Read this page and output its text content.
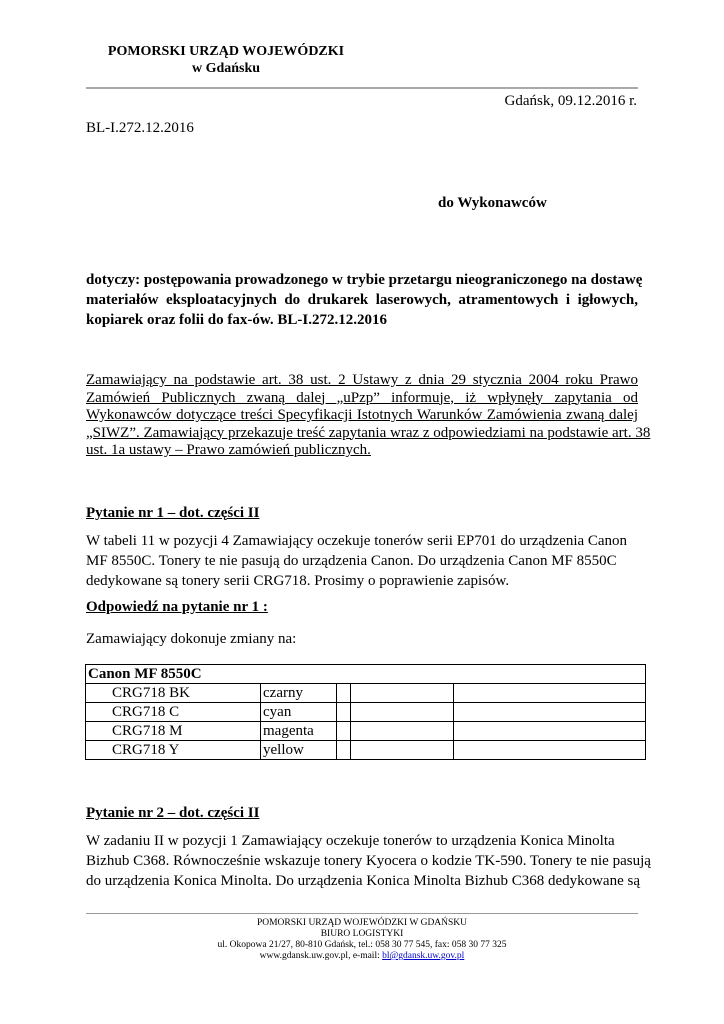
POMORSKI URZĄD WOJEWÓDZKI
w Gdańsku
Gdańsk, 09.12.2016 r.
BL-I.272.12.2016
do Wykonawców
dotyczy: postępowania prowadzonego w trybie przetargu nieograniczonego na dostawę
materiałów eksploatacyjnych do drukarek laserowych, atramentowych i igłowych,
kopiarek oraz folii do fax-ów. BL-I.272.12.2016
Zamawiający na podstawie art. 38 ust. 2 Ustawy z dnia 29 stycznia 2004 roku Prawo
Zamówień Publicznych zwaną dalej „uPzp” informuje, iż wpłynęły zapytania od
Wykonawców dotyczące treści Specyfikacji Istotnych Warunków Zamówienia zwaną dalej
„SIWZ”. Zamawiający przekazuje treść zapytania wraz z odpowiedziami na podstawie art. 38
ust. 1a ustawy – Prawo zamówień publicznych.
Pytanie nr 1 – dot. części II
W tabeli 11 w pozycji 4 Zamawiający oczekuje tonerów serii EP701 do urządzenia Canon
MF 8550C. Tonery te nie pasują do urządzenia Canon. Do urządzenia Canon MF 8550C
dedykowane są tonery serii CRG718. Prosimy o poprawienie zapisów.
Odpowiedź na pytanie nr 1 :
Zamawiający dokonuje zmiany na:
Canon MF 8550C				
CRG718 BK	czarny			
CRG718 C	cyan			
CRG718 M	magenta			
CRG718 Y	yellow			
Pytanie nr 2 – dot. części II
W zadaniu II w pozycji 1 Zamawiający oczekuje tonerów to urządzenia Konica Minolta
Bizhub C368. Równocześnie wskazuje tonery Kyocera o kodzie TK-590. Tonery te nie pasują
do urządzenia Konica Minolta. Do urządzenia Konica Minolta Bizhub C368 dedykowane są
POMORSKI URZĄD WOJEWÓDZKI W GDAŃSKU
BIURO LOGISTYKI
ul. Okopowa 21/27, 80-810 Gdańsk, tel.: 058 30 77 545, fax: 058 30 77 325
www.gdansk.uw.gov.pl, e-mail: bl@gdansk.uw.gov.pl
